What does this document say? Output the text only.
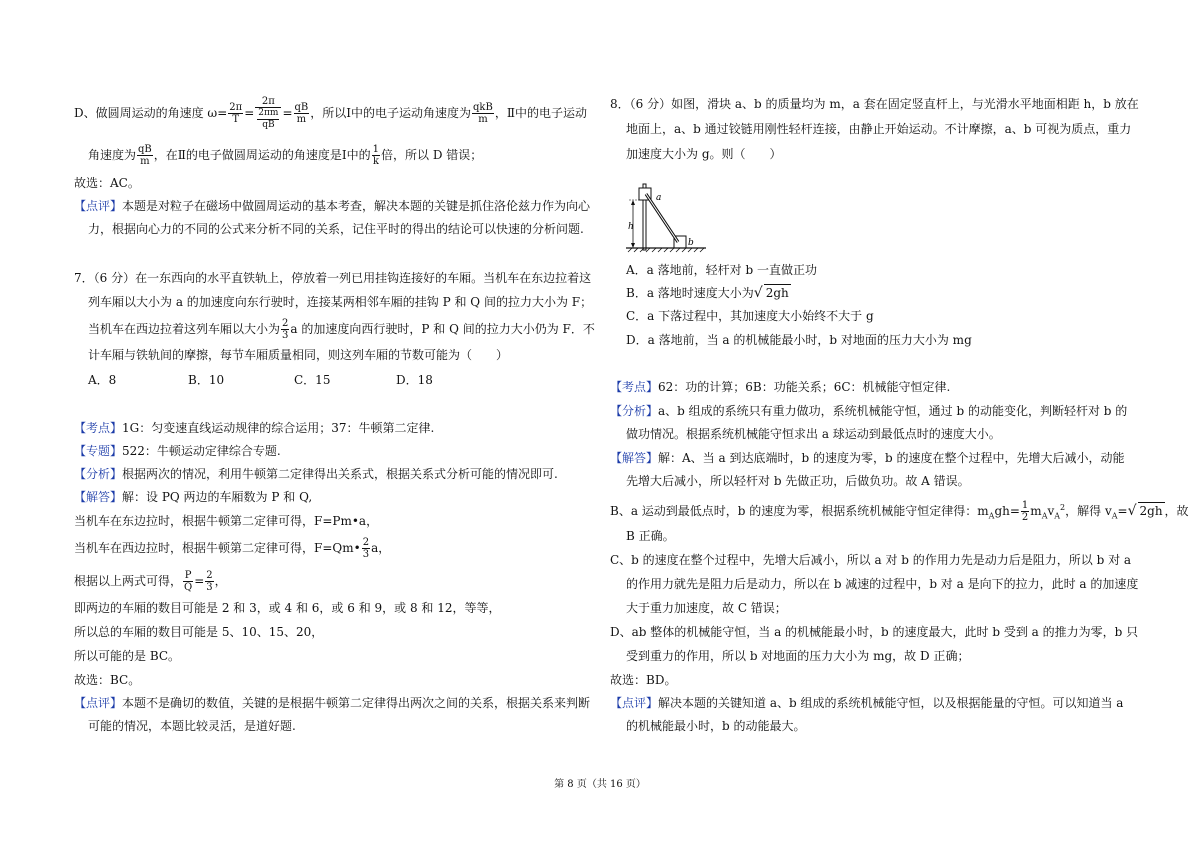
D、做圆周运动的角速度 $\omega= \frac{2\pi}{T} = \frac{2\pi}{\frac{2\pi m}{qB}} = \frac{qB}{m}$ ，所以Ⅰ中的电子运动角速度为 $\frac{\text{qkB}}{m}$ ，Ⅱ中的电子运动
角速度为 $\frac{qB}{m}$ ，在Ⅱ的电子做圆周运动的角速度是Ⅰ中的 $\frac{1}{k}$ 倍，所以 D 错误；
故选：AC。
【点评】本题是对粒子在磁场中做圆周运动的基本考查，解决本题的关键是抓住洛伦兹力作为向心
力，根据向心力的不同的公式来分析不同的关系，记住平时的得出的结论可以快速的分析问题.
7．（6 分）在一东西向的水平直铁轨上，停放着一列已用挂钩连接好的车厢。当机车在东边拉着这
列车厢以大小为 a 的加速度向东行驶时，连接某两相邻车厢的挂钩 P 和 Q 间的拉力大小为 F；
当机车在西边拉着这列车厢以大小为 $\frac{2}{3}$ a 的加速度向西行驶时，P 和 Q 间的拉力大小仍为 F．不
计车厢与铁轨间的摩擦，每节车厢质量相同，则这列车厢的节数可能为（　　）
A．8	B．10	C．15	D．18
【考点】1G：匀变速直线运动规律的综合运用；37：牛顿第二定律.
【专题】522：牛顿运动定律综合专题.
【分析】根据两次的情况，利用牛顿第二定律得出关系式，根据关系式分析可能的情况即可.
【解答】解：设 PQ 两边的车厢数为 P 和 Q,
当机车在东边拉时，根据牛顿第二定律可得，F=Pm•a，
当机车在西边拉时，根据牛顿第二定律可得，F=Qm• $\frac{2}{3}$ a，
根据以上两式可得， $\frac{P}{Q} = \frac{2}{3}$ ，
即两边的车厢的数目可能是 2 和 3，或 4 和 6，或 6 和 9，或 8 和 12，等等，
所以总的车厢的数目可能是 5、10、15、20，
所以可能的是 BC。
故选：BC。
【点评】本题不是确切的数值，关键的是根据牛顿第二定律得出两次之间的关系，根据关系来判断
可能的情况，本题比较灵活，是道好题.
8．（6 分）如图，滑块 a、b 的质量均为 m，a 套在固定竖直杆上，与光滑水平地面相距 h，b 放在
地面上，a、b 通过铰链用刚性轻杆连接，由静止开始运动。不计摩擦，a、b 可视为质点，重力
加速度大小为 g。则（　　）
h
a
b
A．a 落地前，轻杆对 b 一直做正功
B．a 落地时速度大小为√ 2gh
C．a 下落过程中，其加速度大小始终不大于 g
D．a 落地前，当 a 的机械能最小时，b 对地面的压力大小为 mg
【考点】62：功的计算；6B：功能关系；6C：机械能守恒定律.
【分析】a、b 组成的系统只有重力做功，系统机械能守恒，通过 b 的动能变化，判断轻杆对 b 的
做功情况。根据系统机械能守恒求出 a 球运动到最低点时的速度大小。
【解答】解：A、当 a 到达底端时，b 的速度为零，b 的速度在整个过程中，先增大后减小，动能
先增大后减小，所以轻杆对 b 先做正功，后做负功。故 A 错误。
B、a 运动到最低点时，b 的速度为零，根据系统机械能守恒定律得：$m_Agh= \frac{1}{2} m_Av_A^2$，解得 $v_A=√$ 2gh ，故
B 正确。
C、b 的速度在整个过程中，先增大后减小，所以 a 对 b 的作用力先是动力后是阻力，所以 b 对 a
的作用力就先是阻力后是动力，所以在 b 减速的过程中，b 对 a 是向下的拉力，此时 a 的加速度
大于重力加速度，故 C 错误；
D、ab 整体的机械能守恒，当 a 的机械能最小时，b 的速度最大，此时 b 受到 a 的推力为零，b 只
受到重力的作用，所以 b 对地面的压力大小为 mg，故 D 正确；
故选：BD。
【点评】解决本题的关键知道 a、b 组成的系统机械能守恒，以及根据能量的守恒。可以知道当 a
的机械能最小时，b 的动能最大。
第 8 页（共 16 页）
